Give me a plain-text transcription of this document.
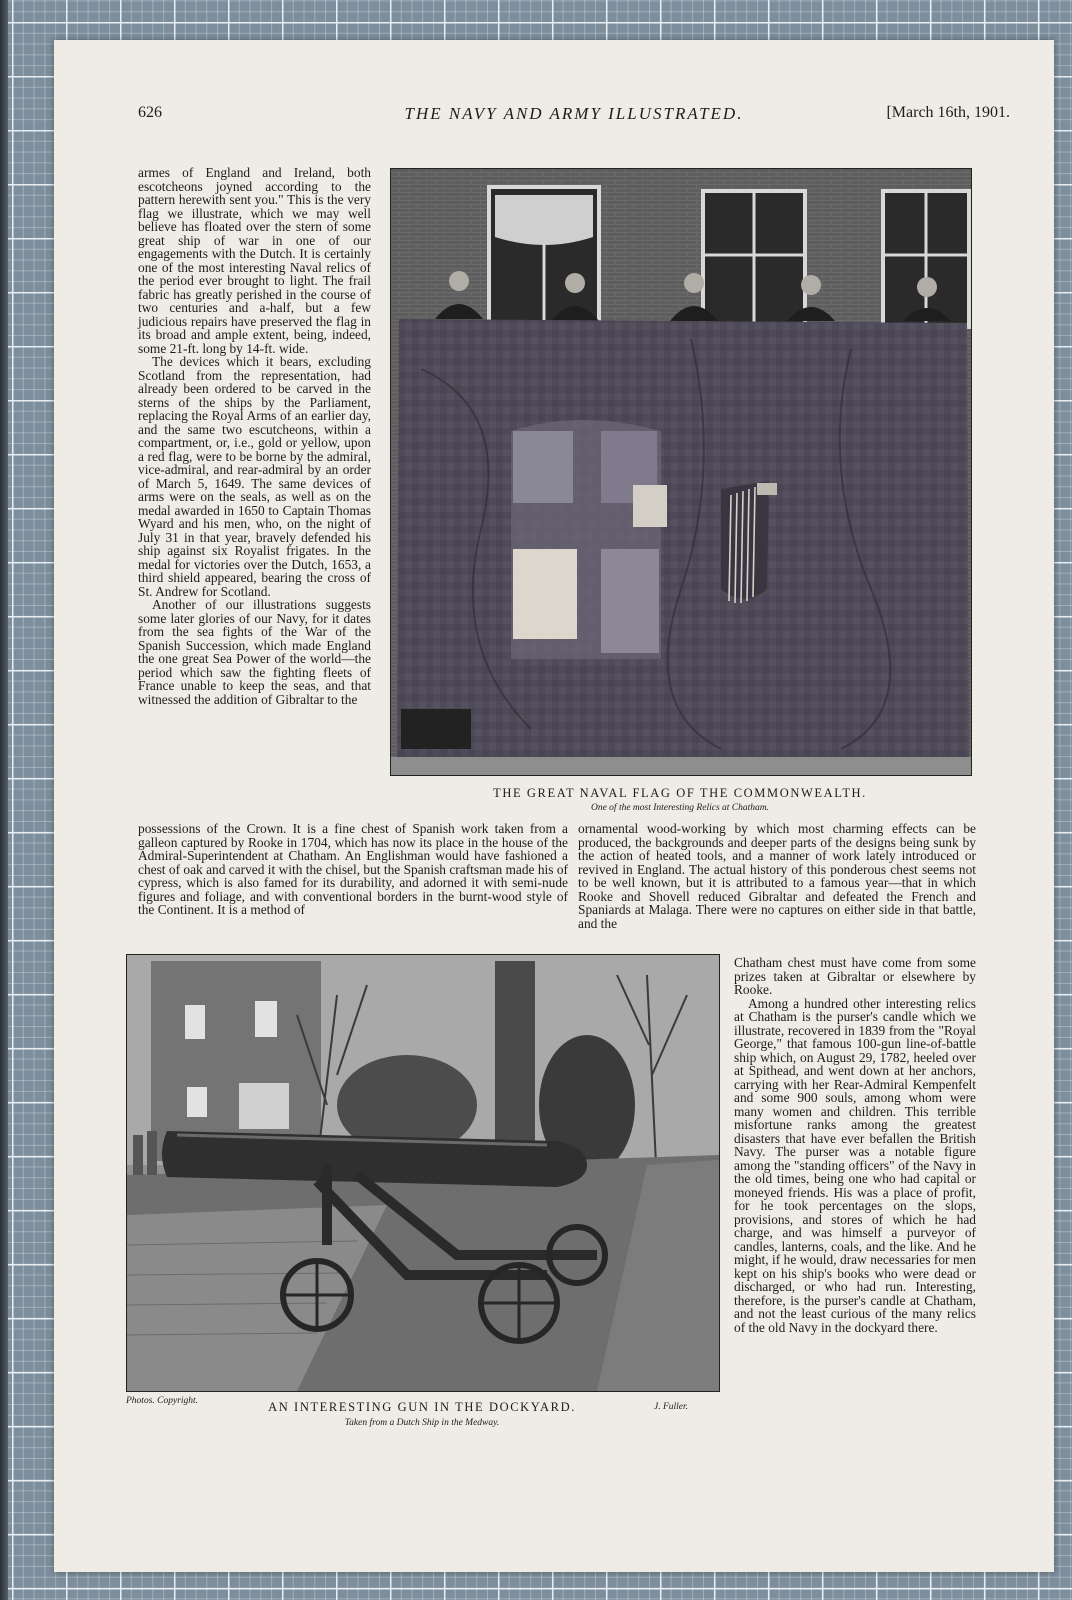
626	THE NAVY AND ARMY ILLUSTRATED.	[March 16th, 1901.

armes of England and Ireland, both escotcheons joyned according to the pattern herewith sent you." This is the very flag we illustrate, which we may well believe has floated over the stern of some great ship of war in one of our engagements with the Dutch. It is certainly one of the most interesting Naval relics of the period ever brought to light. The frail fabric has greatly perished in the course of two centuries and a-half, but a few judicious repairs have preserved the flag in its broad and ample extent, being, indeed, some 21-ft. long by 14-ft. wide.

The devices which it bears, excluding Scotland from the representation, had already been ordered to be carved in the sterns of the ships by the Parliament, replacing the Royal Arms of an earlier day, and the same two escutcheons, within a compartment, or, i.e., gold or yellow, upon a red flag, were to be borne by the admiral, vice-admiral, and rear-admiral by an order of March 5, 1649. The same devices of arms were on the seals, as well as on the medal awarded in 1650 to Captain Thomas Wyard and his men, who, on the night of July 31 in that year, bravely defended his ship against six Royalist frigates. In the medal for victories over the Dutch, 1653, a third shield appeared, bearing the cross of St. Andrew for Scotland.

Another of our illustrations suggests some later glories of our Navy, for it dates from the sea fights of the War of the Spanish Succession, which made England the one great Sea Power of the world—the period which saw the fighting fleets of France unable to keep the seas, and that witnessed the addition of Gibraltar to the

THE GREAT NAVAL FLAG OF THE COMMONWEALTH.
One of the most Interesting Relics at Chatham.

possessions of the Crown. It is a fine chest of Spanish work taken from a galleon captured by Rooke in 1704, which has now its place in the house of the Admiral-Superintendent at Chatham. An Englishman would have fashioned a chest of oak and carved it with the chisel, but the Spanish craftsman made his of cypress, which is also famed for its durability, and adorned it with semi-nude figures and foliage, and with conventional borders in the burnt-wood style of the Continent. It is a method of

ornamental wood-working by which most charming effects can be produced, the backgrounds and deeper parts of the designs being sunk by the action of heated tools, and a manner of work lately introduced or revived in England. The actual history of this ponderous chest seems not to be well known, but it is attributed to a famous year—that in which Rooke and Shovell reduced Gibraltar and defeated the French and Spaniards at Malaga. There were no captures on either side in that battle, and the

Photos. Copyright.
J. Fuller.
AN INTERESTING GUN IN THE DOCKYARD.
Taken from a Dutch Ship in the Medway.

Chatham chest must have come from some prizes taken at Gibraltar or elsewhere by Rooke.

Among a hundred other interesting relics at Chatham is the purser's candle which we illustrate, recovered in 1839 from the "Royal George," that famous 100-gun line-of-battle ship which, on August 29, 1782, heeled over at Spithead, and went down at her anchors, carrying with her Rear-Admiral Kempenfelt and some 900 souls, among whom were many women and children. This terrible misfortune ranks among the greatest disasters that have ever befallen the British Navy. The purser was a notable figure among the "standing officers" of the Navy in the old times, being one who had capital or moneyed friends. His was a place of profit, for he took percentages on the slops, provisions, and stores of which he had charge, and was himself a purveyor of candles, lanterns, coals, and the like. And he might, if he would, draw necessaries for men kept on his ship's books who were dead or discharged, or who had run. Interesting, therefore, is the purser's candle at Chatham, and not the least curious of the many relics of the old Navy in the dockyard there.
